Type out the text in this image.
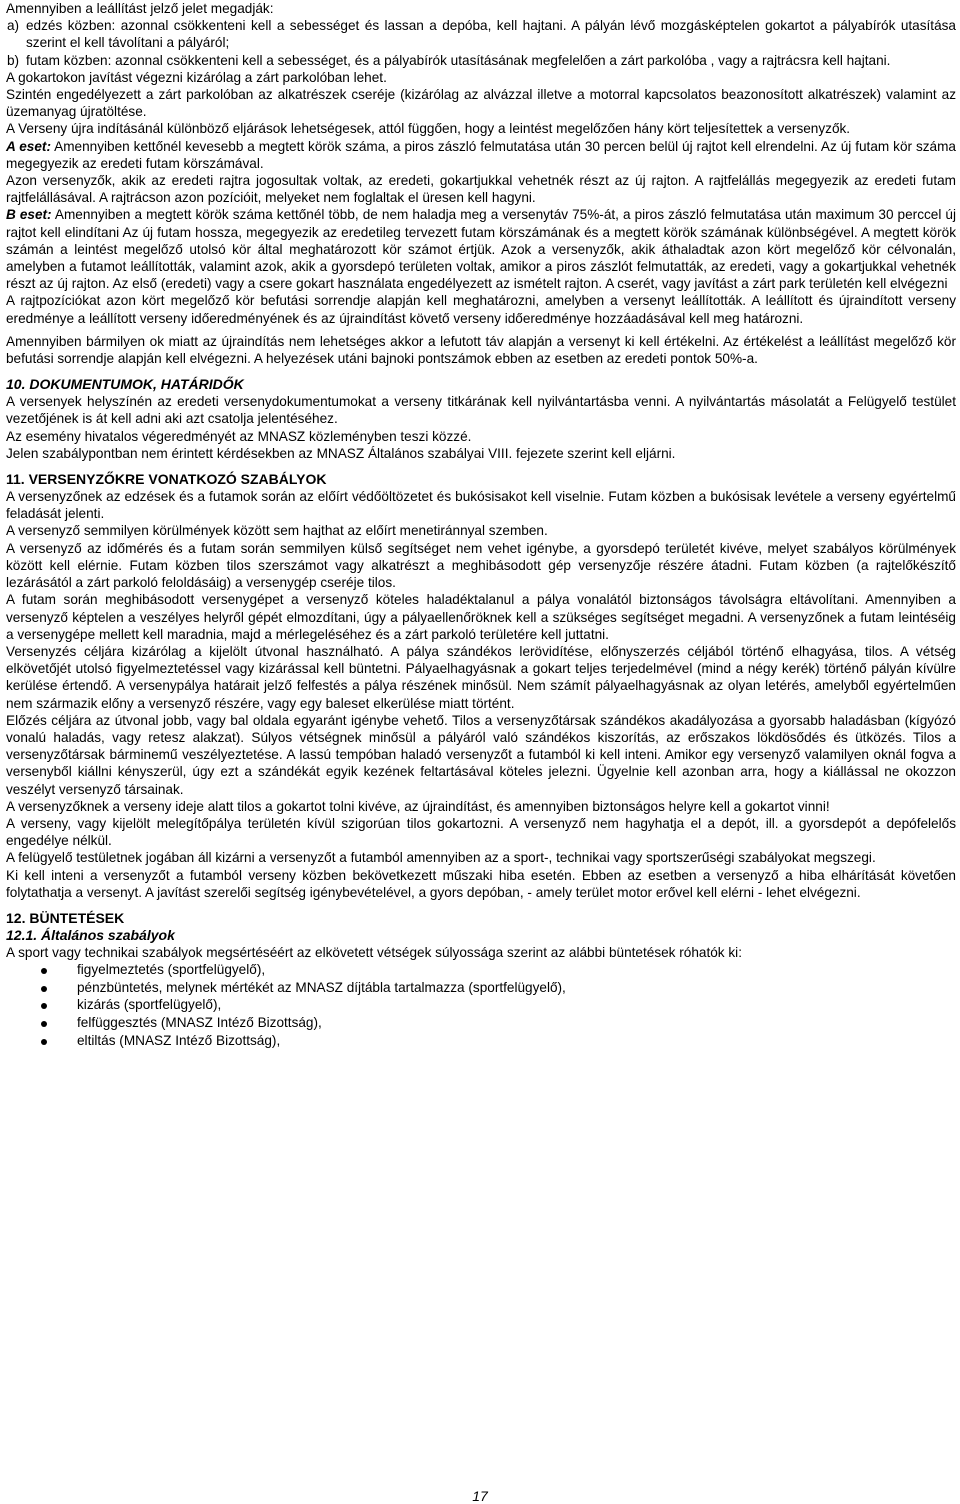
Amennyiben a leállítást jelző jelet megadják:

a) edzés közben: azonnal csökkenteni kell a sebességet és lassan a depóba, kell hajtani. A pályán lévő mozgásképtelen gokartot a pályabírók utasítása szerint el kell távolítani a pályáról;
b) futam közben: azonnal csökkenteni kell a sebességet, és a pályabírók utasításának megfelelően a zárt parkolóba , vagy a rajtrácsra kell hajtani.

A gokartokon javítást végezni kizárólag a zárt parkolóban lehet.

Szintén engedélyezett a zárt parkolóban az alkatrészek cseréje (kizárólag az alvázzal illetve a motorral kapcsolatos beazonosított alkatrészek) valamint az üzemanyag újratöltése.

A Verseny újra indításánál különböző eljárások lehetségesek, attól függően, hogy a leintést megelőzően hány kört teljesítettek a versenyzők.

A eset: Amennyiben kettőnél kevesebb a megtett körök száma, a piros zászló felmutatása után 30 percen belül új rajtot kell elrendelni. Az új futam kör száma megegyezik az eredeti futam körszámával.

Azon versenyzők, akik az eredeti rajtra jogosultak voltak, az eredeti, gokartjukkal vehetnék részt az új rajton. A rajtfelállás megegyezik az eredeti futam rajtfelállásával. A rajtrácson azon pozícióit, melyeket nem foglaltak el üresen kell hagyni.

B eset: Amennyiben a megtett körök száma kettőnél több, de nem haladja meg a versenytáv 75%-át, a piros zászló felmutatása után maximum 30 perccel új rajtot kell elindítani Az új futam hossza, megegyezik az eredetileg tervezett futam körszámának és a megtett körök számának különbségével. A megtett körök számán a leintést megelőző utolsó kör által meghatározott kör számot értjük. Azok a versenyzők, akik áthaladtak azon kört megelőző kör célvonalán, amelyben a futamot leállították, valamint azok, akik a gyorsdepó területen voltak, amikor a piros zászlót felmutatták, az eredeti, vagy a gokartjukkal vehetnék részt az új rajton. Az első (eredeti) vagy a csere gokart használata engedélyezett az ismételt rajton. A cserét, vagy javítást a zárt park területén kell elvégezni

A rajtpozíciókat azon kört megelőző kör befutási sorrendje alapján kell meghatározni, amelyben a versenyt leállították. A leállított és újraindított verseny eredménye a leállított verseny időeredményének és az újraindítást követő verseny időeredménye hozzáadásával kell meg határozni.

Amennyiben bármilyen ok miatt az újraindítás nem lehetséges akkor a lefutott táv alapján a versenyt ki kell értékelni. Az értékelést a leállítást megelőző kör befutási sorrendje alapján kell elvégezni. A helyezések utáni bajnoki pontszámok ebben az esetben az eredeti pontok 50%-a.

10. DOKUMENTUMOK, HATÁRIDŐK

A versenyek helyszínén az eredeti versenydokumentumokat a verseny titkárának kell nyilvántartásba venni. A nyilvántartás másolatát a Felügyelő testület vezetőjének is át kell adni aki azt csatolja jelentéséhez.

Az esemény hivatalos végeredményét az MNASZ közleményben teszi közzé.

Jelen szabálypontban nem érintett kérdésekben az MNASZ Általános szabályai VIII. fejezete szerint kell eljárni.

11. VERSENYZŐKRE VONATKOZÓ SZABÁLYOK

A versenyzőnek az edzések és a futamok során az előírt védőöltözetet és bukósisakot kell viselnie. Futam közben a bukósisak levétele a verseny egyértelmű feladását jelenti.

A versenyző semmilyen körülmények között sem hajthat az előírt menetiránnyal szemben.

A versenyző az időmérés és a futam során semmilyen külső segítséget nem vehet igénybe, a gyorsdepó területét kivéve, melyet szabályos körülmények között kell elérnie. Futam közben tilos szerszámot vagy alkatrészt a meghibásodott gép versenyzője részére átadni. Futam közben (a rajtelőkészítő lezárásától a zárt parkoló feloldásáig) a versenygép cseréje tilos.

A futam során meghibásodott versenygépet a versenyző köteles haladéktalanul a pálya vonalától biztonságos távolságra eltávolítani. Amennyiben a versenyző képtelen a veszélyes helyről gépét elmozdítani, úgy a pályaellenőröknek kell a szükséges segítséget megadni. A versenyzőnek a futam leintéséig a versenygépe mellett kell maradnia, majd a mérlegeléséhez és a zárt parkoló területére kell juttatni.

Versenyzés céljára kizárólag a kijelölt útvonal használható. A pálya szándékos lerövidítése, előnyszerzés céljából történő elhagyása, tilos. A vétség elkövetőjét utolsó figyelmeztetéssel vagy kizárással kell büntetni. Pályaelhagyásnak a gokart teljes terjedelmével (mind a négy kerék) történő pályán kívülre kerülése értendő. A versenypálya határait jelző felfestés a pálya részének minősül. Nem számít pályaelhagyásnak az olyan letérés, amelyből egyértelműen nem származik előny a versenyző részére, vagy egy baleset elkerülése miatt történt.

Előzés céljára az útvonal jobb, vagy bal oldala egyaránt igénybe vehető. Tilos a versenyzőtársak szándékos akadályozása a gyorsabb haladásban (kígyózó vonalú haladás, vagy retesz alakzat). Súlyos vétségnek minősül a pályáról való szándékos kiszorítás, az erőszakos lökdösődés és ütközés. Tilos a versenyzőtársak bárminemű veszélyeztetése. A lassú tempóban haladó versenyzőt a futamból ki kell inteni. Amikor egy versenyző valamilyen oknál fogva a versenyből kiállni kényszerül, úgy ezt a szándékát egyik kezének feltartásával köteles jelezni. Ügyelnie kell azonban arra, hogy a kiállással ne okozzon veszélyt versenyző társainak.

A versenyzőknek a verseny ideje alatt tilos a gokartot tolni kivéve, az újraindítást, és amennyiben biztonságos helyre kell a gokartot vinni!

A verseny, vagy kijelölt melegítőpálya területén kívül szigorúan tilos gokartozni. A versenyző nem hagyhatja el a depót, ill. a gyorsdepót a depófelelős engedélye nélkül.

A felügyelő testületnek jogában áll kizárni a versenyzőt a futamból amennyiben az a sport-, technikai vagy sportszerűségi szabályokat megszegi.

Ki kell inteni a versenyzőt a futamból verseny közben bekövetkezett műszaki hiba esetén. Ebben az esetben a versenyző a hiba elhárítását követően folytathatja a versenyt. A javítást szerelői segítség igénybevételével, a gyors depóban, - amely terület motor erővel kell elérni - lehet elvégezni.

12. BÜNTETÉSEK

12.1. Általános szabályok

A sport vagy technikai szabályok megsértéséért az elkövetett vétségek súlyossága szerint az alábbi büntetések róhatók ki:

figyelmeztetés (sportfelügyelő),
pénzbüntetés, melynek mértékét az MNASZ díjtábla tartalmazza (sportfelügyelő),
kizárás (sportfelügyelő),
felfüggesztés (MNASZ Intéző Bizottság),
eltiltás (MNASZ Intéző Bizottság),
17
